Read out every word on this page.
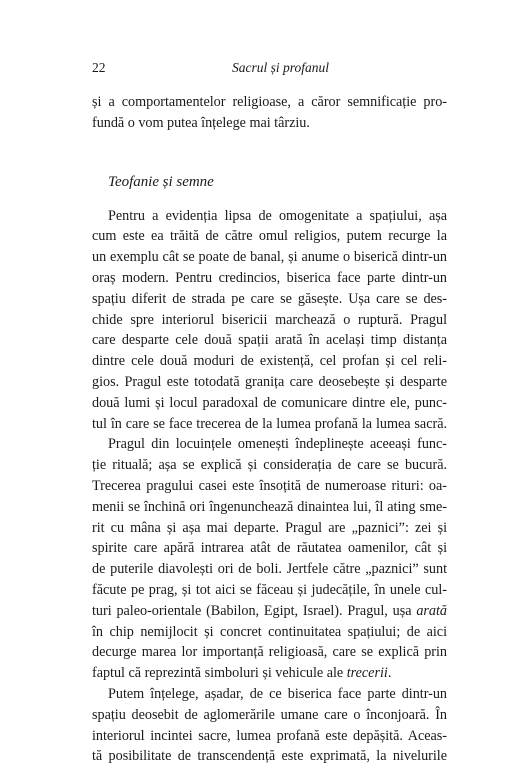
22	Sacrul și profanul
și a comportamentelor religioase, a căror semnificație pro-
fundă o vom putea înțelege mai târziu.
Teofanie și semne
Pentru a evidenția lipsa de omogenitate a spațiului, așa
cum este ea trăită de către omul religios, putem recurge la
un exemplu cât se poate de banal, și anume o biserică dintr-un
oraș modern. Pentru credincios, biserica face parte dintr-un
spațiu diferit de strada pe care se găsește. Ușa care se des-
chide spre interiorul bisericii marchează o ruptură. Pragul
care desparte cele două spații arată în același timp distanța
dintre cele două moduri de existență, cel profan și cel reli-
gios. Pragul este totodată granița care deosebește și desparte
două lumi și locul paradoxal de comunicare dintre ele, punc-
tul în care se face trecerea de la lumea profană la lumea sacră.
Pragul din locuințele omenești îndeplinește aceeași func-
ție rituală; așa se explică și considerația de care se bucură.
Trecerea pragului casei este însoțită de numeroase rituri: oa-
menii se închină ori îngenunchează dinaintea lui, îl ating sme-
rit cu mâna și așa mai departe. Pragul are „paznici”: zei și
spirite care apără intrarea atât de răutatea oamenilor, cât și
de puterile diavolești ori de boli. Jertfele către „paznici” sunt
făcute pe prag, și tot aici se făceau și judecățile, în unele cul-
turi paleo-orientale (Babilon, Egipt, Israel). Pragul, ușa arată
în chip nemijlocit și concret continuitatea spațiului; de aici
decurge marea lor importanță religioasă, care se explică prin
faptul că reprezintă simboluri și vehicule ale trecerii.
Putem înțelege, așadar, de ce biserica face parte dintr-un
spațiu deosebit de aglomerările umane care o înconjoară. În
interiorul incintei sacre, lumea profană este depășită. Aceas-
tă posibilitate de transcendență este exprimată, la nivelurile
